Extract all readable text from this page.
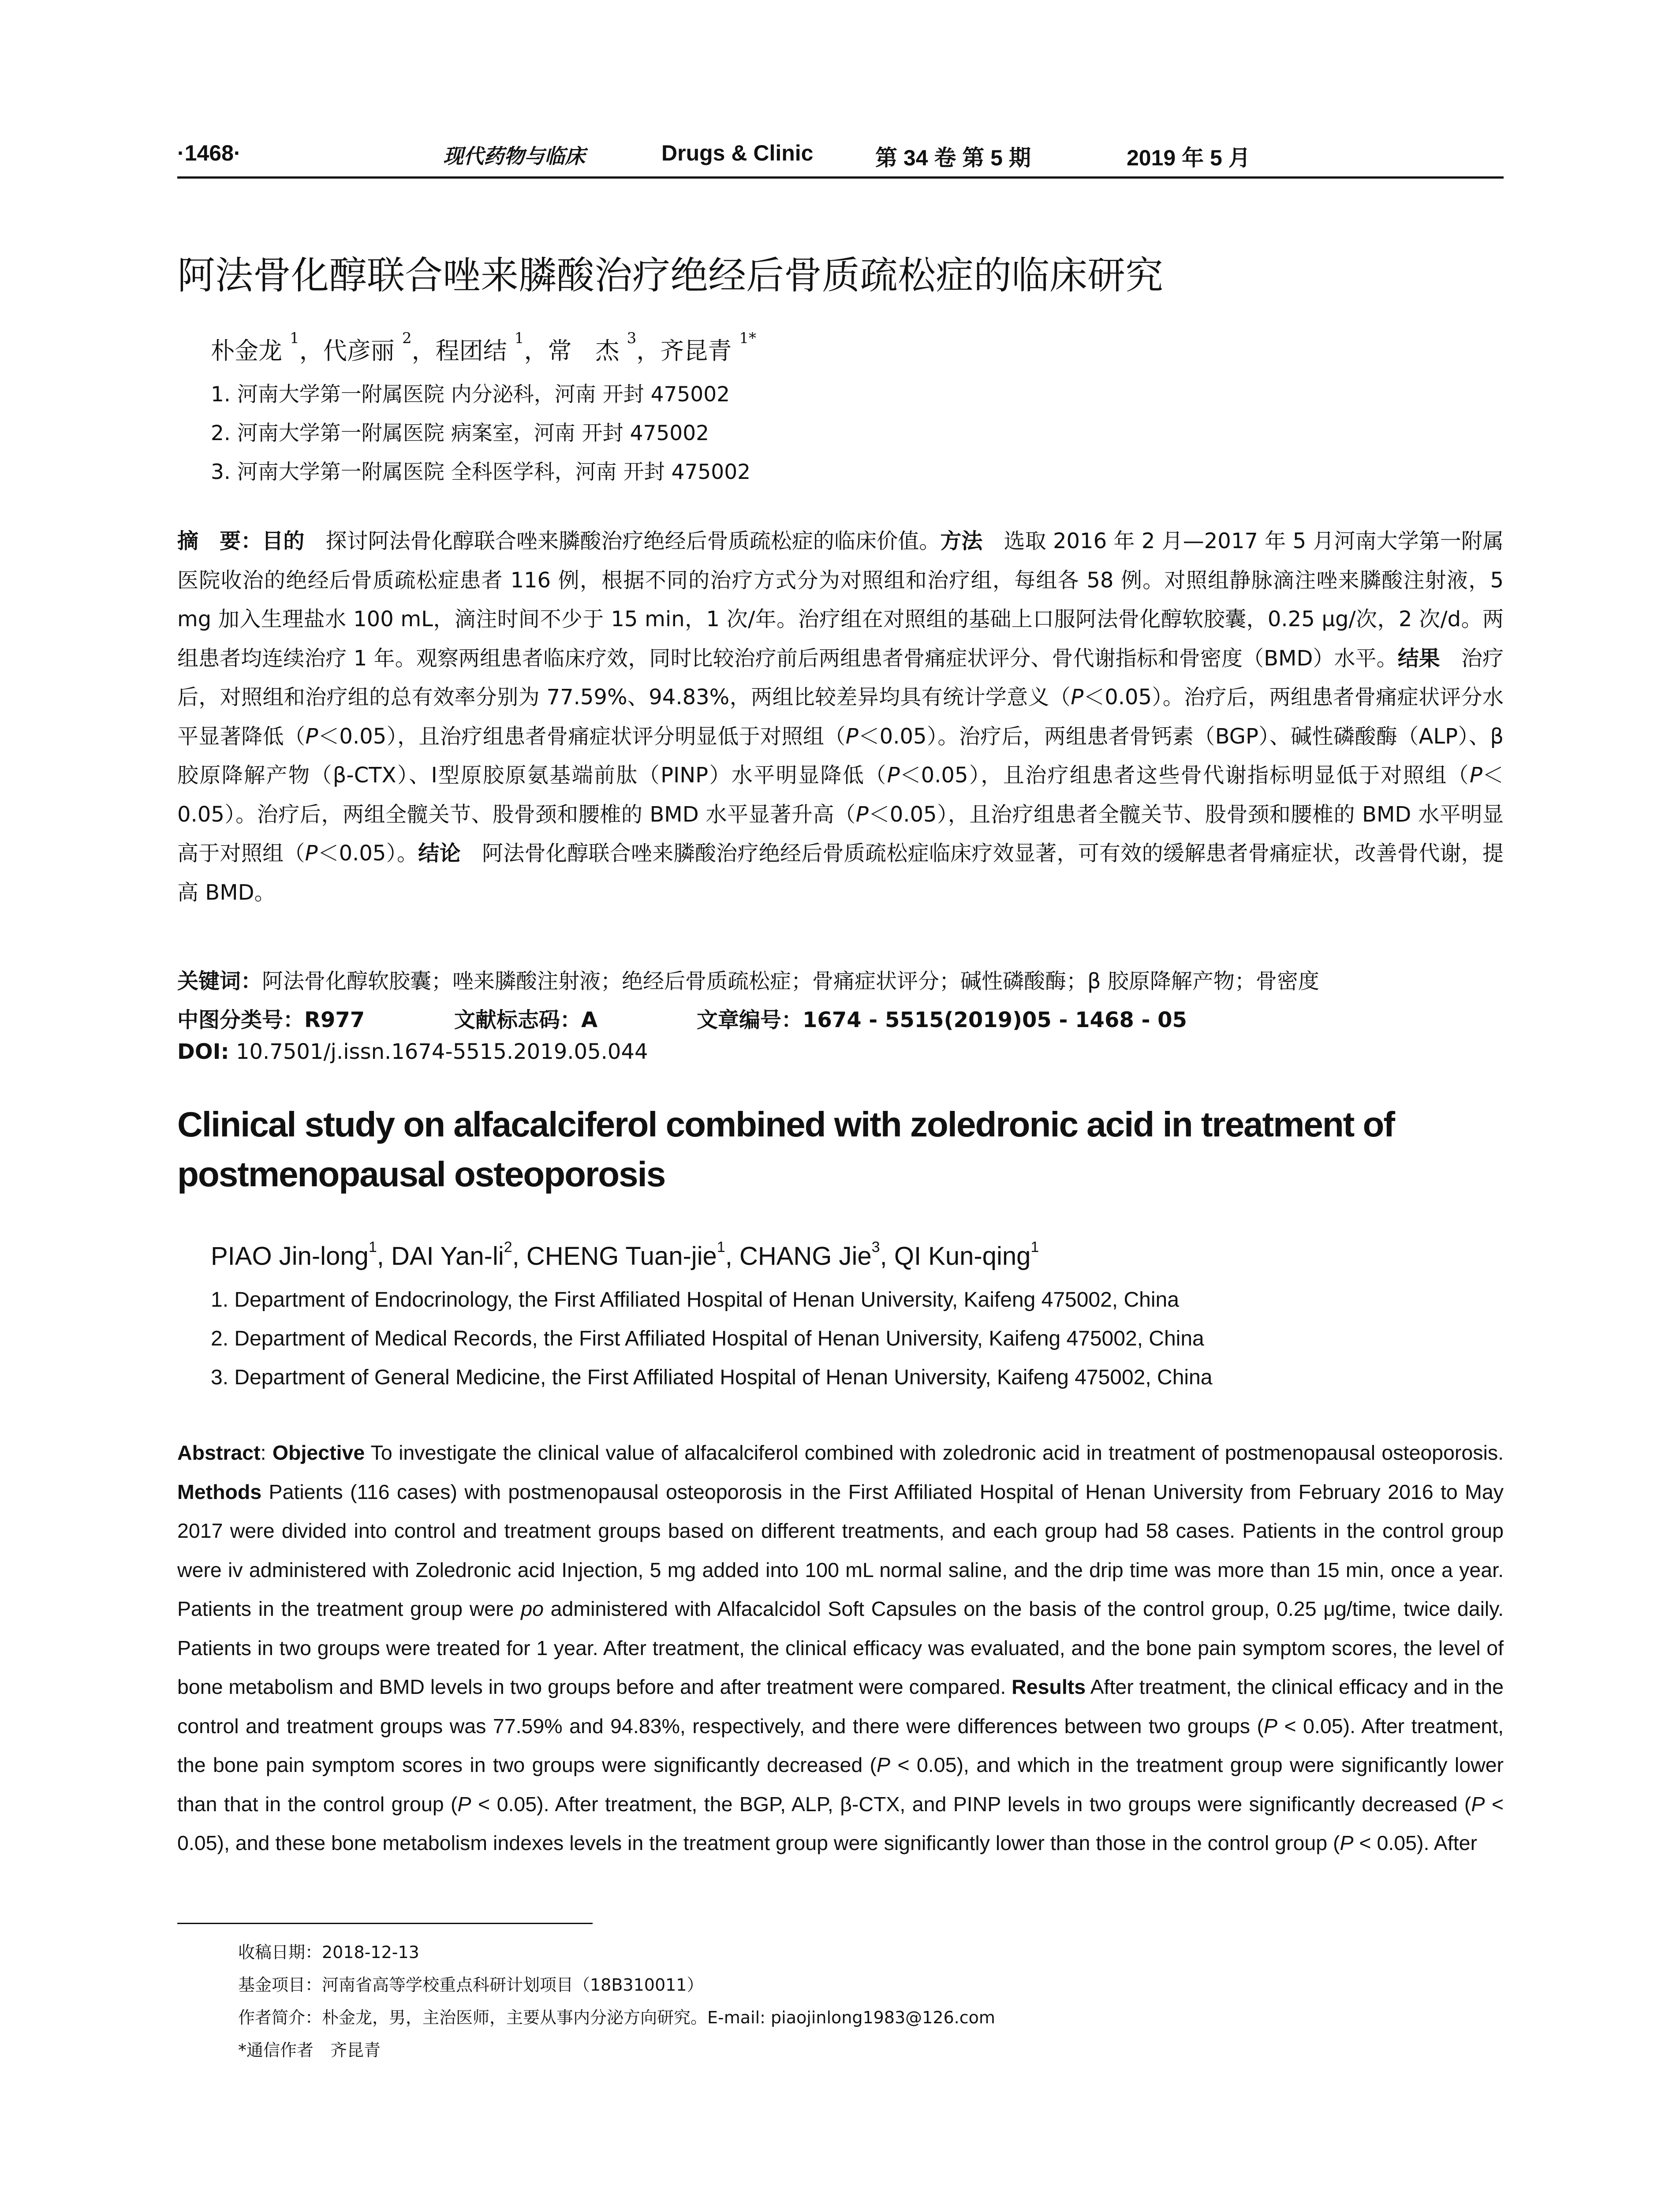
·1468·	现代药物与临床	Drugs & Clinic	第 34 卷 第 5 期	2019 年 5 月
阿法骨化醇联合唑来膦酸治疗绝经后骨质疏松症的临床研究
朴金龙 $^1$，代彦丽 $^2$，程团结 $^1$，常　杰 $^3$，齐昆青 $^{1*}$
1. 河南大学第一附属医院 内分泌科，河南 开封 475002
2. 河南大学第一附属医院 病案室，河南 开封 475002
3. 河南大学第一附属医院 全科医学科，河南 开封 475002
摘　要：目的　探讨阿法骨化醇联合唑来膦酸治疗绝经后骨质疏松症的临床价值。方法　选取 2016 年 2 月—2017 年 5 月河南大学第一附属医院收治的绝经后骨质疏松症患者 116 例，根据不同的治疗方式分为对照组和治疗组，每组各 58 例。对照组静脉滴注唑来膦酸注射液，5 mg 加入生理盐水 100 mL，滴注时间不少于 15 min，1 次/年。治疗组在对照组的基础上口服阿法骨化醇软胶囊，0.25 μg/次，2 次/d。两组患者均连续治疗 1 年。观察两组患者临床疗效，同时比较治疗前后两组患者骨痛症状评分、骨代谢指标和骨密度（BMD）水平。结果　治疗后，对照组和治疗组的总有效率分别为 77.59%、94.83%，两组比较差异均具有统计学意义（P＜0.05）。治疗后，两组患者骨痛症状评分水平显著降低（P＜0.05），且治疗组患者骨痛症状评分明显低于对照组（P＜0.05）。治疗后，两组患者骨钙素（BGP）、碱性磷酸酶（ALP）、β 胶原降解产物（β-CTX）、Ⅰ型原胶原氨基端前肽（PINP）水平明显降低（P＜0.05），且治疗组患者这些骨代谢指标明显低于对照组（P＜0.05）。治疗后，两组全髋关节、股骨颈和腰椎的 BMD 水平显著升高（P＜0.05），且治疗组患者全髋关节、股骨颈和腰椎的 BMD 水平明显高于对照组（P＜0.05）。结论　阿法骨化醇联合唑来膦酸治疗绝经后骨质疏松症临床疗效显著，可有效的缓解患者骨痛症状，改善骨代谢，提高 BMD。
关键词：阿法骨化醇软胶囊；唑来膦酸注射液；绝经后骨质疏松症；骨痛症状评分；碱性磷酸酶；β 胶原降解产物；骨密度
中图分类号：R977	文献标志码：A	文章编号：1674 - 5515(2019)05 - 1468 - 05
DOI: 10.7501/j.issn.1674-5515.2019.05.044
Clinical study on alfacalciferol combined with zoledronic acid in treatment of
postmenopausal osteoporosis
PIAO Jin-long$^1$, DAI Yan-$li^2$, CHENG Tuan-jie$^1$, CHANG Jie$^3$, QI Kun-qing$^1$
1. Department of Endocrinology, the First Affiliated Hospital of Henan University, Kaifeng 475002, China
2. Department of Medical Records, the First Affiliated Hospital of Henan University, Kaifeng 475002, China
3. Department of General Medicine, the First Affiliated Hospital of Henan University, Kaifeng 475002, China
Abstract: Objective To investigate the clinical value of alfacalciferol combined with zoledronic acid in treatment of postmenopausal osteoporosis. Methods Patients (116 cases) with postmenopausal osteoporosis in the First Affiliated Hospital of Henan University from February 2016 to May 2017 were divided into control and treatment groups based on different treatments, and each group had 58 cases. Patients in the control group were iv administered with Zoledronic acid Injection, 5 mg added into 100 mL normal saline, and the drip time was more than 15 min, once a year. Patients in the treatment group were po administered with Alfacalcidol Soft Capsules on the basis of the control group, 0.25 μg/time, twice daily. Patients in two groups were treated for 1 year. After treatment, the clinical efficacy was evaluated, and the bone pain symptom scores, the level of bone metabolism and BMD levels in two groups before and after treatment were compared. Results After treatment, the clinical efficacy and in the control and treatment groups was 77.59% and 94.83%, respectively, and there were differences between two groups (P < 0.05). After treatment, the bone pain symptom scores in two groups were significantly decreased (P < 0.05), and which in the treatment group were significantly lower than that in the control group (P < 0.05). After treatment, the BGP, ALP, β-CTX, and PINP levels in two groups were significantly decreased (P < 0.05), and these bone metabolism indexes levels in the treatment group were significantly lower than those in the control group (P < 0.05). After
收稿日期：2018-12-13
基金项目：河南省高等学校重点科研计划项目（18B310011）
作者简介：朴金龙，男，主治医师，主要从事内分泌方向研究。E-mail: piaojinlong1983@126.com
*通信作者　齐昆青
